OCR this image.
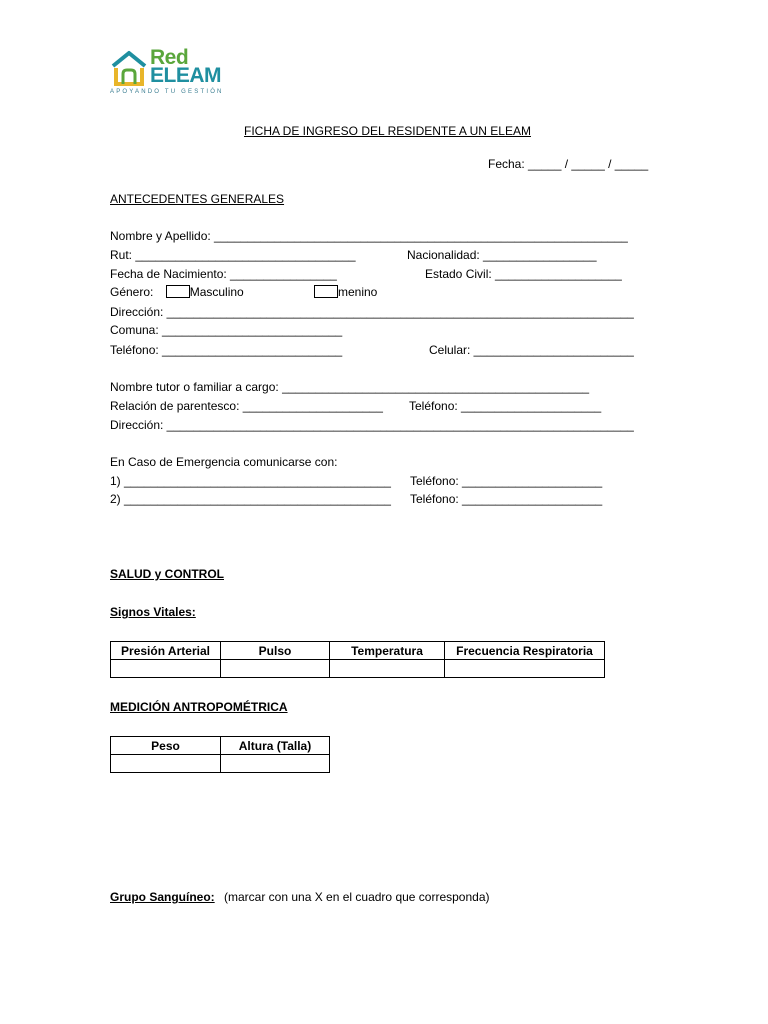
Red
ELEAM
APOYANDO TU GESTIÓN
FICHA DE INGRESO DEL RESIDENTE A UN ELEAM
Fecha: _____ / _____ / _____
ANTECEDENTES GENERALES
Nombre y Apellido: ______________________________________________________________
Rut: _________________________________	Nacionalidad: _________________
Fecha de Nacimiento: ________________	Estado Civil: ___________________
Género:	Masculino	menino
Dirección: ______________________________________________________________________
Comuna: ___________________________
Teléfono: ___________________________	Celular: ________________________
Nombre tutor o familiar a cargo: ______________________________________________
Relación de parentesco: _____________________ Teléfono: _____________________
Dirección: ______________________________________________________________________
En Caso de Emergencia comunicarse con:
1) ________________________________________ Teléfono: _____________________
2) ________________________________________ Teléfono: _____________________
SALUD y CONTROL
Signos Vitales:
Presión Arterial	Pulso	Temperatura	Frecuencia Respiratoria

MEDICIÓN ANTROPOMÉTRICA
Peso	Altura (Talla)

Grupo Sanguíneo: (marcar con una X en el cuadro que corresponda)
